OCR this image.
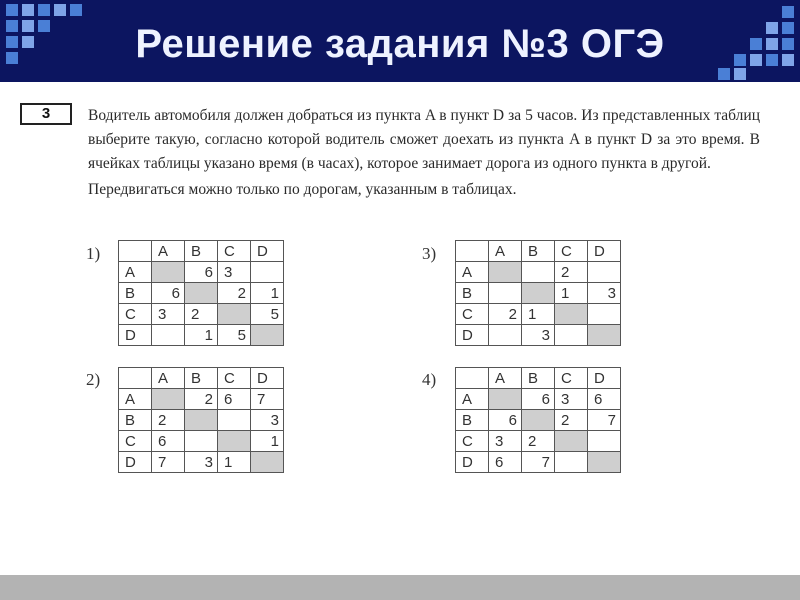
Решение задания №3 ОГЭ
3	Водитель автомобиля должен добраться из пункта A в пункт D за 5 часов. Из представленных таблиц выберите такую, согласно которой водитель сможет доехать из пункта A в пункт D за это время. В ячейках таблицы указано время (в часах), которое занимает дорога из одного пункта в другой.

Передвигаться можно только по дорогам, указанным в таблицах.

1)
		A	B	C	D
A		6	3	
B	6		2	1
C	3	2		5
D		1	5	
3)
		A	B	C	D
A			2	
B			1	3
C	2	1		
D		3		
2)
		A	B	C	D
A		2	6	7
B	2			3
C	6			1
D	7	3	1	
4)
		A	B	C	D
A		6	3	6
B	6		2	7
C	3	2		
D	6	7		
